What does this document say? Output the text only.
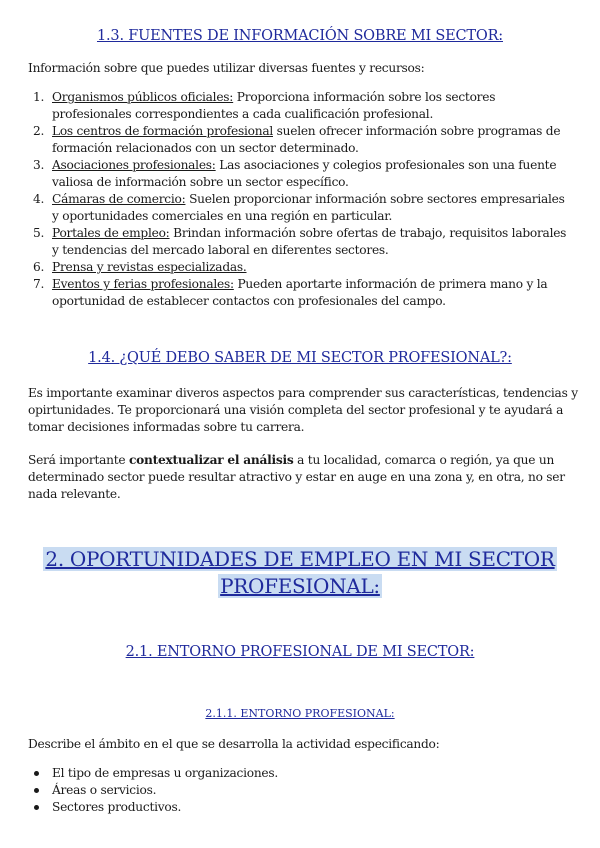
1.3. FUENTES DE INFORMACIÓN SOBRE MI SECTOR:

Información sobre que puedes utilizar diversas fuentes y recursos:

1. Organismos públicos oficiales: Proporciona información sobre los sectores profesionales correspondientes a cada cualificación profesional.
2. Los centros de formación profesional suelen ofrecer información sobre programas de formación relacionados con un sector determinado.
3. Asociaciones profesionales: Las asociaciones y colegios profesionales son una fuente valiosa de información sobre un sector específico.
4. Cámaras de comercio: Suelen proporcionar información sobre sectores empresariales y oportunidades comerciales en una región en particular.
5. Portales de empleo: Brindan información sobre ofertas de trabajo, requisitos laborales y tendencias del mercado laboral en diferentes sectores.
6. Prensa y revistas especializadas.
7. Eventos y ferias profesionales: Pueden aportarte información de primera mano y la oportunidad de establecer contactos con profesionales del campo.
1.4. ¿QUÉ DEBO SABER DE MI SECTOR PROFESIONAL?:

Es importante examinar diveros aspectos para comprender sus características, tendencias y opirtunidades. Te proporcionará una visión completa del sector profesional y te ayudará a tomar decisiones informadas sobre tu carrera.

Será importante contextualizar el análisis a tu localidad, comarca o región, ya que un determinado sector puede resultar atractivo y estar en auge en una zona y, en otra, no ser nada relevante.

2. OPORTUNIDADES DE EMPLEO EN MI SECTOR
PROFESIONAL:
2.1. ENTORNO PROFESIONAL DE MI SECTOR:
2.1.1. ENTORNO PROFESIONAL:

Describe el ámbito en el que se desarrolla la actividad especificando:

El tipo de empresas u organizaciones.
Áreas o servicios.
Sectores productivos.
